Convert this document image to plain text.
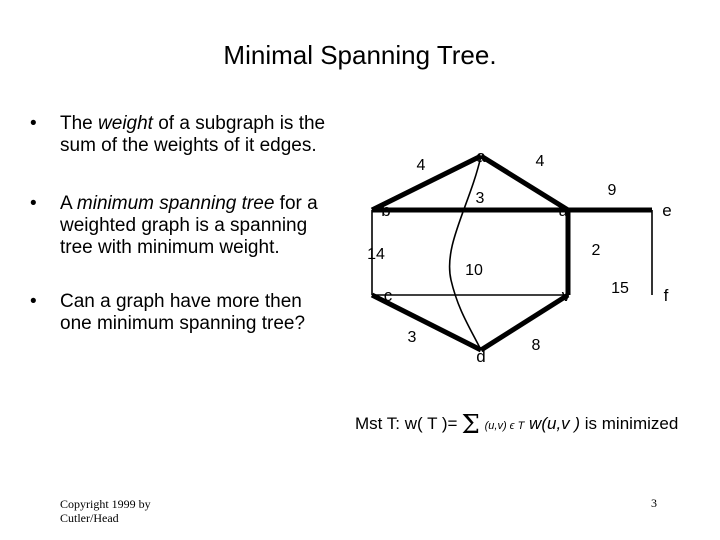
Minimal Spanning Tree.
• The weight of a subgraph is the
sum of the weights of it edges.
• A minimum spanning tree for a
weighted graph is a spanning
tree with minimum weight.
• Can a graph have more then
one minimum spanning tree?
4	4
3	9
14
10
2
15
3	8
a
b	u	e
c	v	f
d
Mst T: w( T )= Σ (u,v) ϵ T w(u,v ) is minimized
Copyright 1999 by
Cutler/Head
3
